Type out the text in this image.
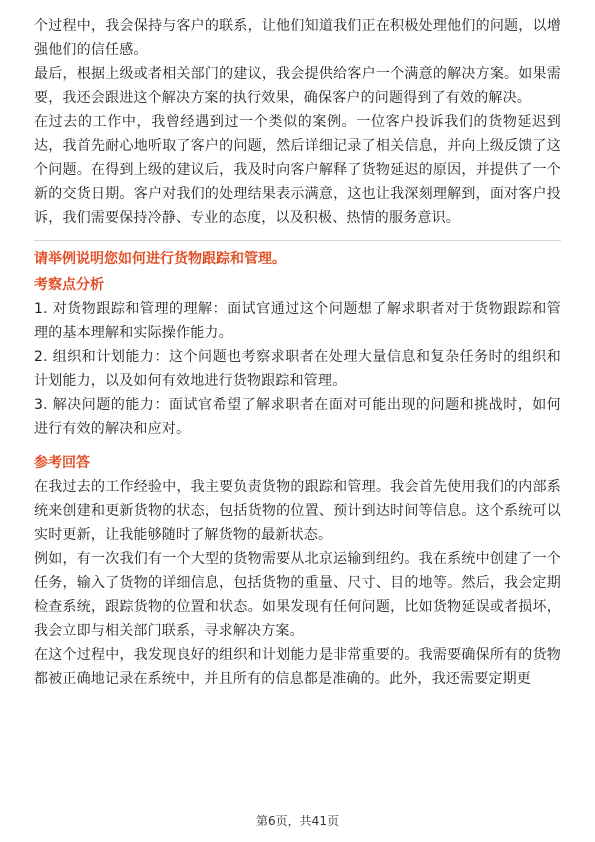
个过程中，我会保持与客户的联系，让他们知道我们正在积极处理他们的问题，以增强他们的信任感。

最后，根据上级或者相关部门的建议，我会提供给客户一个满意的解决方案。如果需要，我还会跟进这个解决方案的执行效果，确保客户的问题得到了有效的解决。

在过去的工作中，我曾经遇到过一个类似的案例。一位客户投诉我们的货物延迟到达，我首先耐心地听取了客户的问题，然后详细记录了相关信息，并向上级反馈了这个问题。在得到上级的建议后，我及时向客户解释了货物延迟的原因，并提供了一个新的交货日期。客户对我们的处理结果表示满意，这也让我深刻理解到，面对客户投诉，我们需要保持冷静、专业的态度，以及积极、热情的服务意识。

请举例说明您如何进行货物跟踪和管理。
考察点分析

1. 对货物跟踪和管理的理解：面试官通过这个问题想了解求职者对于货物跟踪和管理的基本理解和实际操作能力。

2. 组织和计划能力：这个问题也考察求职者在处理大量信息和复杂任务时的组织和计划能力，以及如何有效地进行货物跟踪和管理。

3. 解决问题的能力：面试官希望了解求职者在面对可能出现的问题和挑战时，如何进行有效的解决和应对。

参考回答

在我过去的工作经验中，我主要负责货物的跟踪和管理。我会首先使用我们的内部系统来创建和更新货物的状态，包括货物的位置、预计到达时间等信息。这个系统可以实时更新，让我能够随时了解货物的最新状态。

例如，有一次我们有一个大型的货物需要从北京运输到纽约。我在系统中创建了一个任务，输入了货物的详细信息，包括货物的重量、尺寸、目的地等。然后，我会定期检查系统，跟踪货物的位置和状态。如果发现有任何问题，比如货物延误或者损坏，我会立即与相关部门联系，寻求解决方案。

在这个过程中，我发现良好的组织和计划能力是非常重要的。我需要确保所有的货物都被正确地记录在系统中，并且所有的信息都是准确的。此外，我还需要定期更

第6页，共41页
